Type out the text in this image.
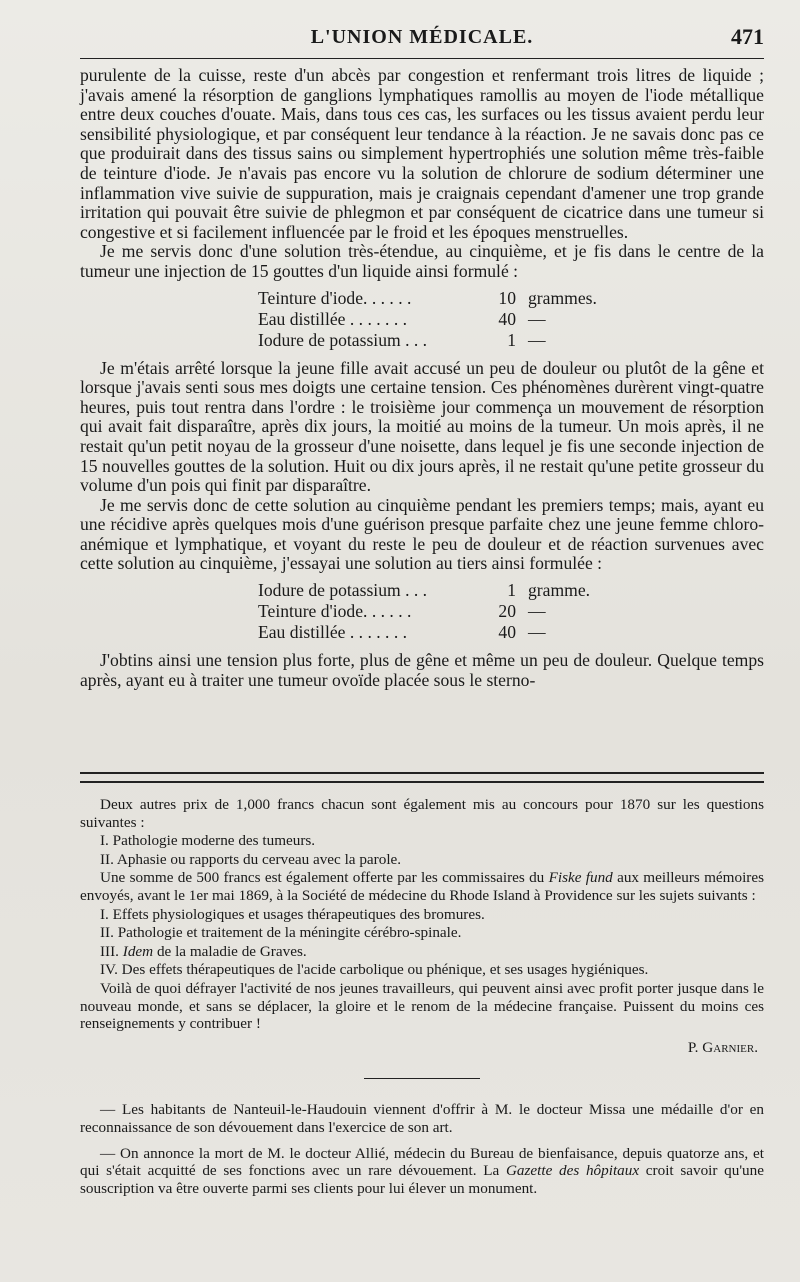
L'UNION MÉDICALE.	471

purulente de la cuisse, reste d'un abcès par congestion et renfermant trois litres de liquide ; j'avais amené la résorption de ganglions lymphatiques ramollis au moyen de l'iode métallique entre deux couches d'ouate. Mais, dans tous ces cas, les surfaces ou les tissus avaient perdu leur sensibilité physiologique, et par conséquent leur tendance à la réaction. Je ne savais donc pas ce que produirait dans des tissus sains ou simplement hypertrophiés une solution même très-faible de teinture d'iode. Je n'avais pas encore vu la solution de chlorure de sodium déterminer une inflammation vive suivie de suppuration, mais je craignais cependant d'amener une trop grande irritation qui pouvait être suivie de phlegmon et par conséquent de cicatrice dans une tumeur si congestive et si facilement influencée par le froid et les époques menstruelles.

Je me servis donc d'une solution très-étendue, au cinquième, et je fis dans le centre de la tumeur une injection de 15 gouttes d'un liquide ainsi formulé :

Teinture d'iode. . . . . .	10	grammes.
Eau distillée . . . . . . .	40	—
Iodure de potassium . . .	1	—

Je m'étais arrêté lorsque la jeune fille avait accusé un peu de douleur ou plutôt de la gêne et lorsque j'avais senti sous mes doigts une certaine tension. Ces phénomènes durèrent vingt-quatre heures, puis tout rentra dans l'ordre : le troisième jour commença un mouvement de résorption qui avait fait disparaître, après dix jours, la moitié au moins de la tumeur. Un mois après, il ne restait qu'un petit noyau de la grosseur d'une noisette, dans lequel je fis une seconde injection de 15 nouvelles gouttes de la solution. Huit ou dix jours après, il ne restait qu'une petite grosseur du volume d'un pois qui finit par disparaître.

Je me servis donc de cette solution au cinquième pendant les premiers temps; mais, ayant eu une récidive après quelques mois d'une guérison presque parfaite chez une jeune femme chloro-anémique et lymphatique, et voyant du reste le peu de douleur et de réaction survenues avec cette solution au cinquième, j'essayai une solution au tiers ainsi formulée :

Iodure de potassium . . .	1	gramme.
Teinture d'iode. . . . . .	20	—
Eau distillée . . . . . . .	40	—

J'obtins ainsi une tension plus forte, plus de gêne et même un peu de douleur. Quelque temps après, ayant eu à traiter une tumeur ovoïde placée sous le sterno-

Deux autres prix de 1,000 francs chacun sont également mis au concours pour 1870 sur les questions suivantes :

I. Pathologie moderne des tumeurs.

II. Aphasie ou rapports du cerveau avec la parole.

Une somme de 500 francs est également offerte par les commissaires du Fiske fund aux meilleurs mémoires envoyés, avant le 1er mai 1869, à la Société de médecine du Rhode Island à Providence sur les sujets suivants :

I. Effets physiologiques et usages thérapeutiques des bromures.

II. Pathologie et traitement de la méningite cérébro-spinale.

III. Idem de la maladie de Graves.

IV. Des effets thérapeutiques de l'acide carbolique ou phénique, et ses usages hygiéniques.

Voilà de quoi défrayer l'activité de nos jeunes travailleurs, qui peuvent ainsi avec profit porter jusque dans le nouveau monde, et sans se déplacer, la gloire et le renom de la médecine française. Puissent du moins ces renseignements y contribuer !

P. Garnier.

— Les habitants de Nanteuil-le-Haudouin viennent d'offrir à M. le docteur Missa une médaille d'or en reconnaissance de son dévouement dans l'exercice de son art.

— On annonce la mort de M. le docteur Allié, médecin du Bureau de bienfaisance, depuis quatorze ans, et qui s'était acquitté de ses fonctions avec un rare dévouement. La Gazette des hôpitaux croit savoir qu'une souscription va être ouverte parmi ses clients pour lui élever un monument.
